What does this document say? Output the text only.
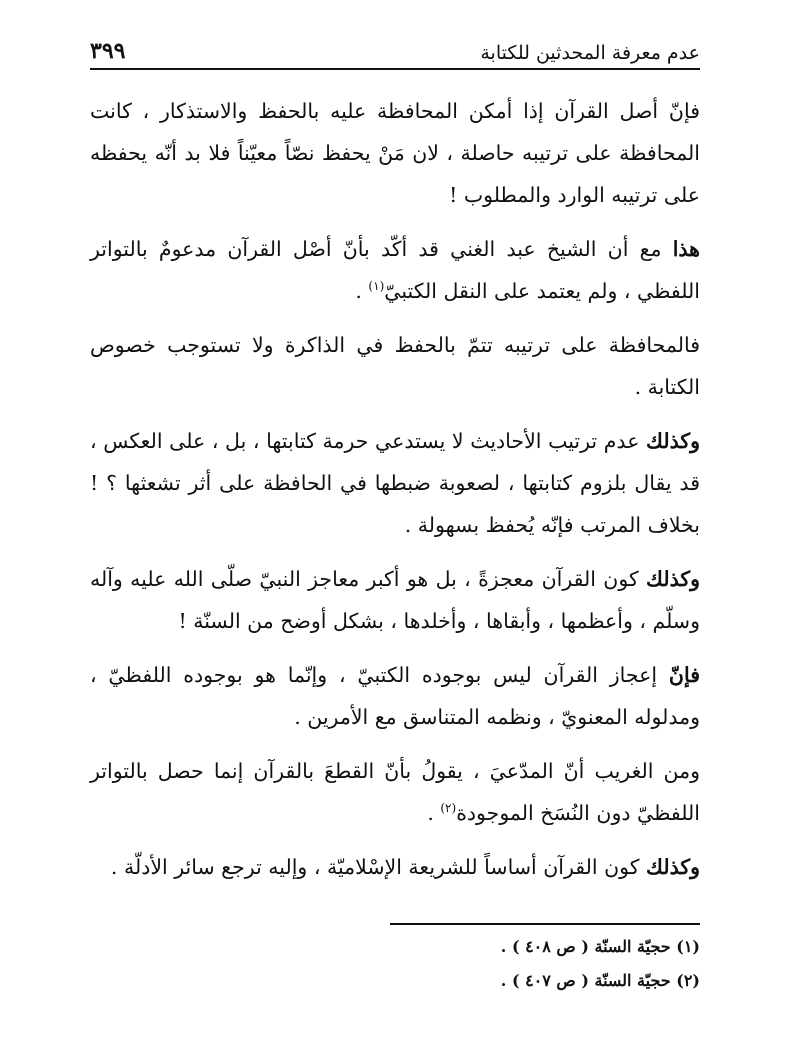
عدم معرفة المحدثين للكتابة
٣٩٩

فإنّ أصل القرآن إذا أمكن المحافظة عليه بالحفظ والاستذكار ، كانت المحافظة على ترتيبه حاصلة ، لان مَنْ يحفظ نصّاً معيّناً فلا بد أنّه يحفظه على ترتيبه الوارد والمطلوب !

هذا مع أن الشيخ عبد الغني قد أكّد بأنّ أصْل القرآن مدعومٌ بالتواتر اللفظي ، ولم يعتمد على النقل الكتبيّ$^{(١)}$ .

فالمحافظة على ترتيبه تتمّ بالحفظ في الذاكرة ولا تستوجب خصوص الكتابة .

وكذلك عدم ترتيب الأحاديث لا يستدعي حرمة كتابتها ، بل ، على العكس ، قد يقال بلزوم كتابتها ، لصعوبة ضبطها في الحافظة على أثر تشعثها ؟ ! بخلاف المرتب فإنّه يُحفظ بسهولة .

وكذلك كون القرآن معجزةً ، بل هو أكبر معاجز النبيّ صلّى الله عليه وآله وسلّم ، وأعظمها ، وأبقاها ، وأخلدها ، بشكل أوضح من السنّة !

فإنّ إعجاز القرآن ليس بوجوده الكتبيّ ، وإنّما هو بوجوده اللفظيّ ، ومدلوله المعنويّ ، ونظمه المتناسق مع الأمرين .

ومن الغريب أنّ المدّعيَ ، يقولُ بأنّ القطعَ بالقرآن إنما حصل بالتواتر اللفظيّ دون النُسَخ الموجودة$^{(٢)}$ .

وكذلك كون القرآن أساساً للشريعة الإسْلاميّة ، وإليه ترجع سائر الأدلّة .

(١) حجيّة السنّة ( ص ٤٠٨ ) .
(٢) حجيّة السنّة ( ص ٤٠٧ ) .
